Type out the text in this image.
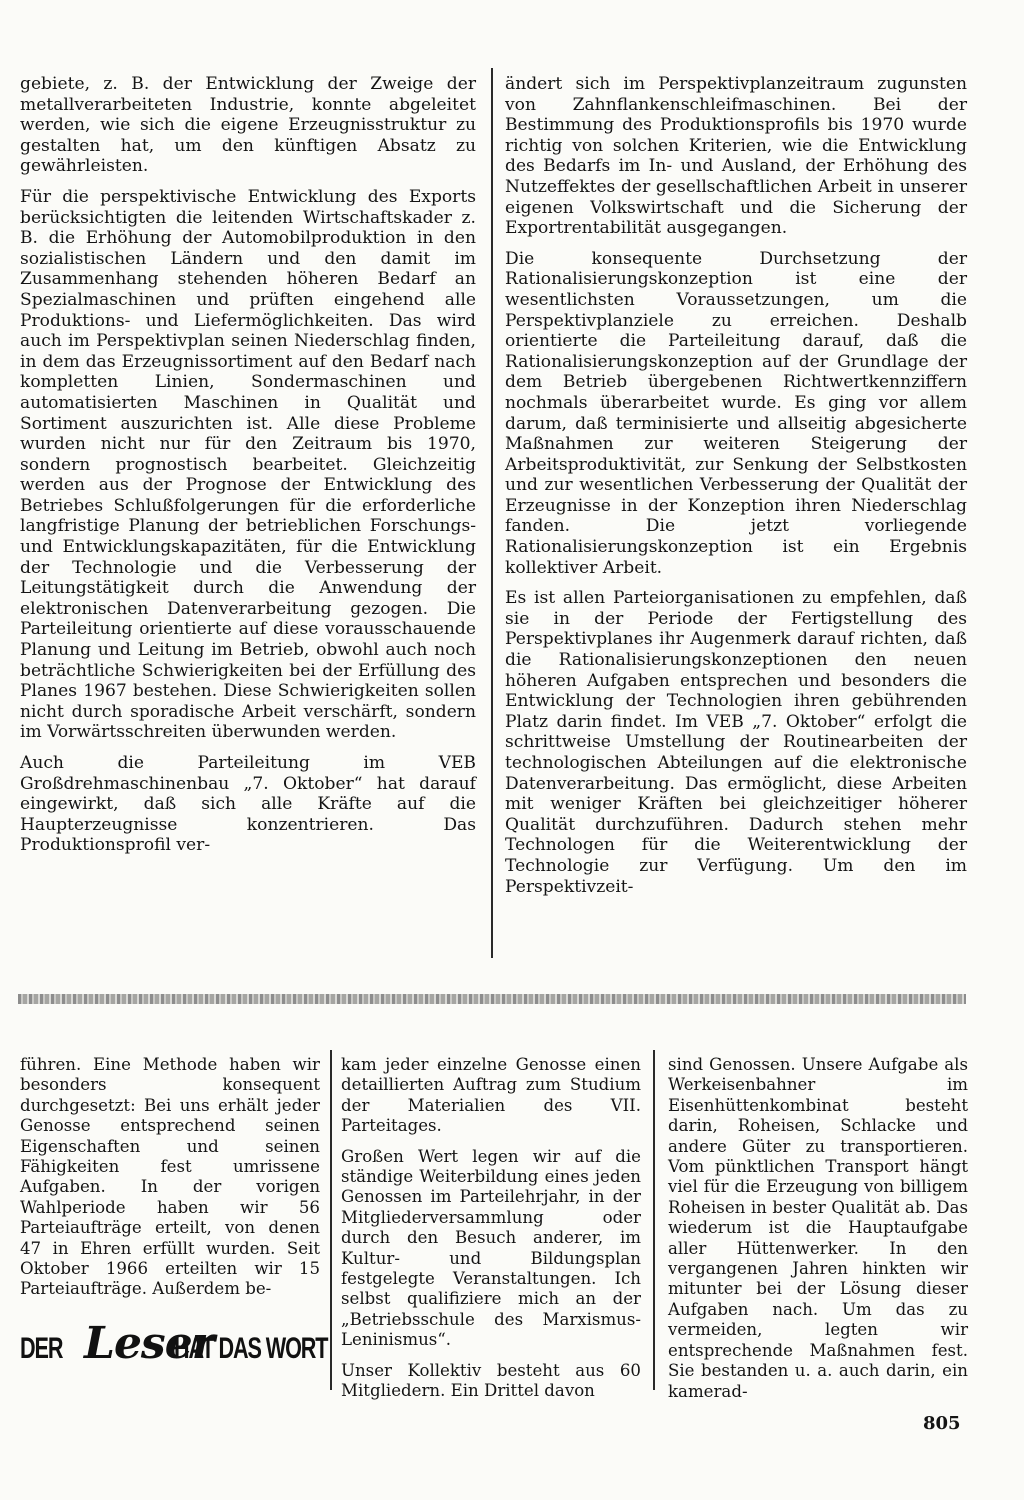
gebiete, z. B. der Entwicklung der Zweige der metallverarbeiteten Industrie, konnte abgeleitet werden, wie sich die eigene Erzeugnisstruktur zu gestalten hat, um den künftigen Absatz zu gewährleisten.

Für die perspektivische Entwicklung des Exports berücksichtigten die leitenden Wirtschaftskader z. B. die Erhöhung der Automobilproduktion in den sozialistischen Ländern und den damit im Zusammenhang stehenden höheren Bedarf an Spezialmaschinen und prüften eingehend alle Produktions- und Liefermöglichkeiten. Das wird auch im Perspektivplan seinen Niederschlag finden, in dem das Erzeugnissortiment auf den Bedarf nach kompletten Linien, Sondermaschinen und automatisierten Maschinen in Qualität und Sortiment auszurichten ist. Alle diese Probleme wurden nicht nur für den Zeitraum bis 1970, sondern prognostisch bearbeitet. Gleichzeitig werden aus der Prognose der Entwicklung des Betriebes Schlußfolgerungen für die erforderliche langfristige Planung der betrieblichen Forschungs- und Entwicklungskapazitäten, für die Entwicklung der Technologie und die Verbesserung der Leitungstätigkeit durch die Anwendung der elektronischen Datenverarbeitung gezogen. Die Parteileitung orientierte auf diese vorausschauende Planung und Leitung im Betrieb, obwohl auch noch beträchtliche Schwierigkeiten bei der Erfüllung des Planes 1967 bestehen. Diese Schwierigkeiten sollen nicht durch sporadische Arbeit verschärft, sondern im Vorwärtsschreiten überwunden werden.

Auch die Parteileitung im VEB Großdrehmaschinenbau „7. Oktober“ hat darauf eingewirkt, daß sich alle Kräfte auf die Haupterzeugnisse konzentrieren. Das Produktionsprofil ver-

ändert sich im Perspektivplanzeitraum zugunsten von Zahnflankenschleifmaschinen. Bei der Bestimmung des Produktionsprofils bis 1970 wurde richtig von solchen Kriterien, wie die Entwicklung des Bedarfs im In- und Ausland, der Erhöhung des Nutzeffektes der gesellschaftlichen Arbeit in unserer eigenen Volkswirtschaft und die Sicherung der Exportrentabilität ausgegangen.

Die konsequente Durchsetzung der Rationalisierungskonzeption ist eine der wesentlichsten Voraussetzungen, um die Perspektivplanziele zu erreichen. Deshalb orientierte die Parteileitung darauf, daß die Rationalisierungskonzeption auf der Grundlage der dem Betrieb übergebenen Richtwertkennziffern nochmals überarbeitet wurde. Es ging vor allem darum, daß terminisierte und allseitig abgesicherte Maßnahmen zur weiteren Steigerung der Arbeitsproduktivität, zur Senkung der Selbstkosten und zur wesentlichen Verbesserung der Qualität der Erzeugnisse in der Konzeption ihren Niederschlag fanden. Die jetzt vorliegende Rationalisierungskonzeption ist ein Ergebnis kollektiver Arbeit.

Es ist allen Parteiorganisationen zu empfehlen, daß sie in der Periode der Fertigstellung des Perspektivplanes ihr Augenmerk darauf richten, daß die Rationalisierungskonzeptionen den neuen höheren Aufgaben entsprechen und besonders die Entwicklung der Technologien ihren gebührenden Platz darin findet. Im VEB „7. Oktober“ erfolgt die schrittweise Umstellung der Routinearbeiten der technologischen Abteilungen auf die elektronische Datenverarbeitung. Das ermöglicht, diese Arbeiten mit weniger Kräften bei gleichzeitiger höherer Qualität durchzuführen. Dadurch stehen mehr Technologen für die Weiterentwicklung der Technologie zur Verfügung. Um den im Perspektivzeit-

führen. Eine Methode haben wir besonders konsequent durchgesetzt: Bei uns erhält jeder Genosse entsprechend seinen Eigenschaften und seinen Fähigkeiten fest umrissene Aufgaben. In der vorigen Wahlperiode haben wir 56 Parteiaufträge erteilt, von denen 47 in Ehren erfüllt wurden. Seit Oktober 1966 erteilten wir 15 Parteiaufträge. Außerdem be-

DER Leser
HAT DAS WORT

kam jeder einzelne Genosse einen detaillierten Auftrag zum Studium der Materialien des VII. Parteitages.

Großen Wert legen wir auf die ständige Weiterbildung eines jeden Genossen im Parteilehrjahr, in der Mitgliederversammlung oder durch den Besuch anderer, im Kultur- und Bildungsplan festgelegte Veranstaltungen. Ich selbst qualifiziere mich an der „Betriebsschule des Marxismus-Leninismus“.

Unser Kollektiv besteht aus 60 Mitgliedern. Ein Drittel davon

sind Genossen. Unsere Aufgabe als Werkeisenbahner im Eisenhüttenkombinat besteht darin, Roheisen, Schlacke und andere Güter zu transportieren. Vom pünktlichen Transport hängt viel für die Erzeugung von billigem Roheisen in bester Qualität ab. Das wiederum ist die Hauptaufgabe aller Hüttenwerker. In den vergangenen Jahren hinkten wir mitunter bei der Lösung dieser Aufgaben nach. Um das zu vermeiden, legten wir entsprechende Maßnahmen fest. Sie bestanden u. a. auch darin, ein kamerad-

805
